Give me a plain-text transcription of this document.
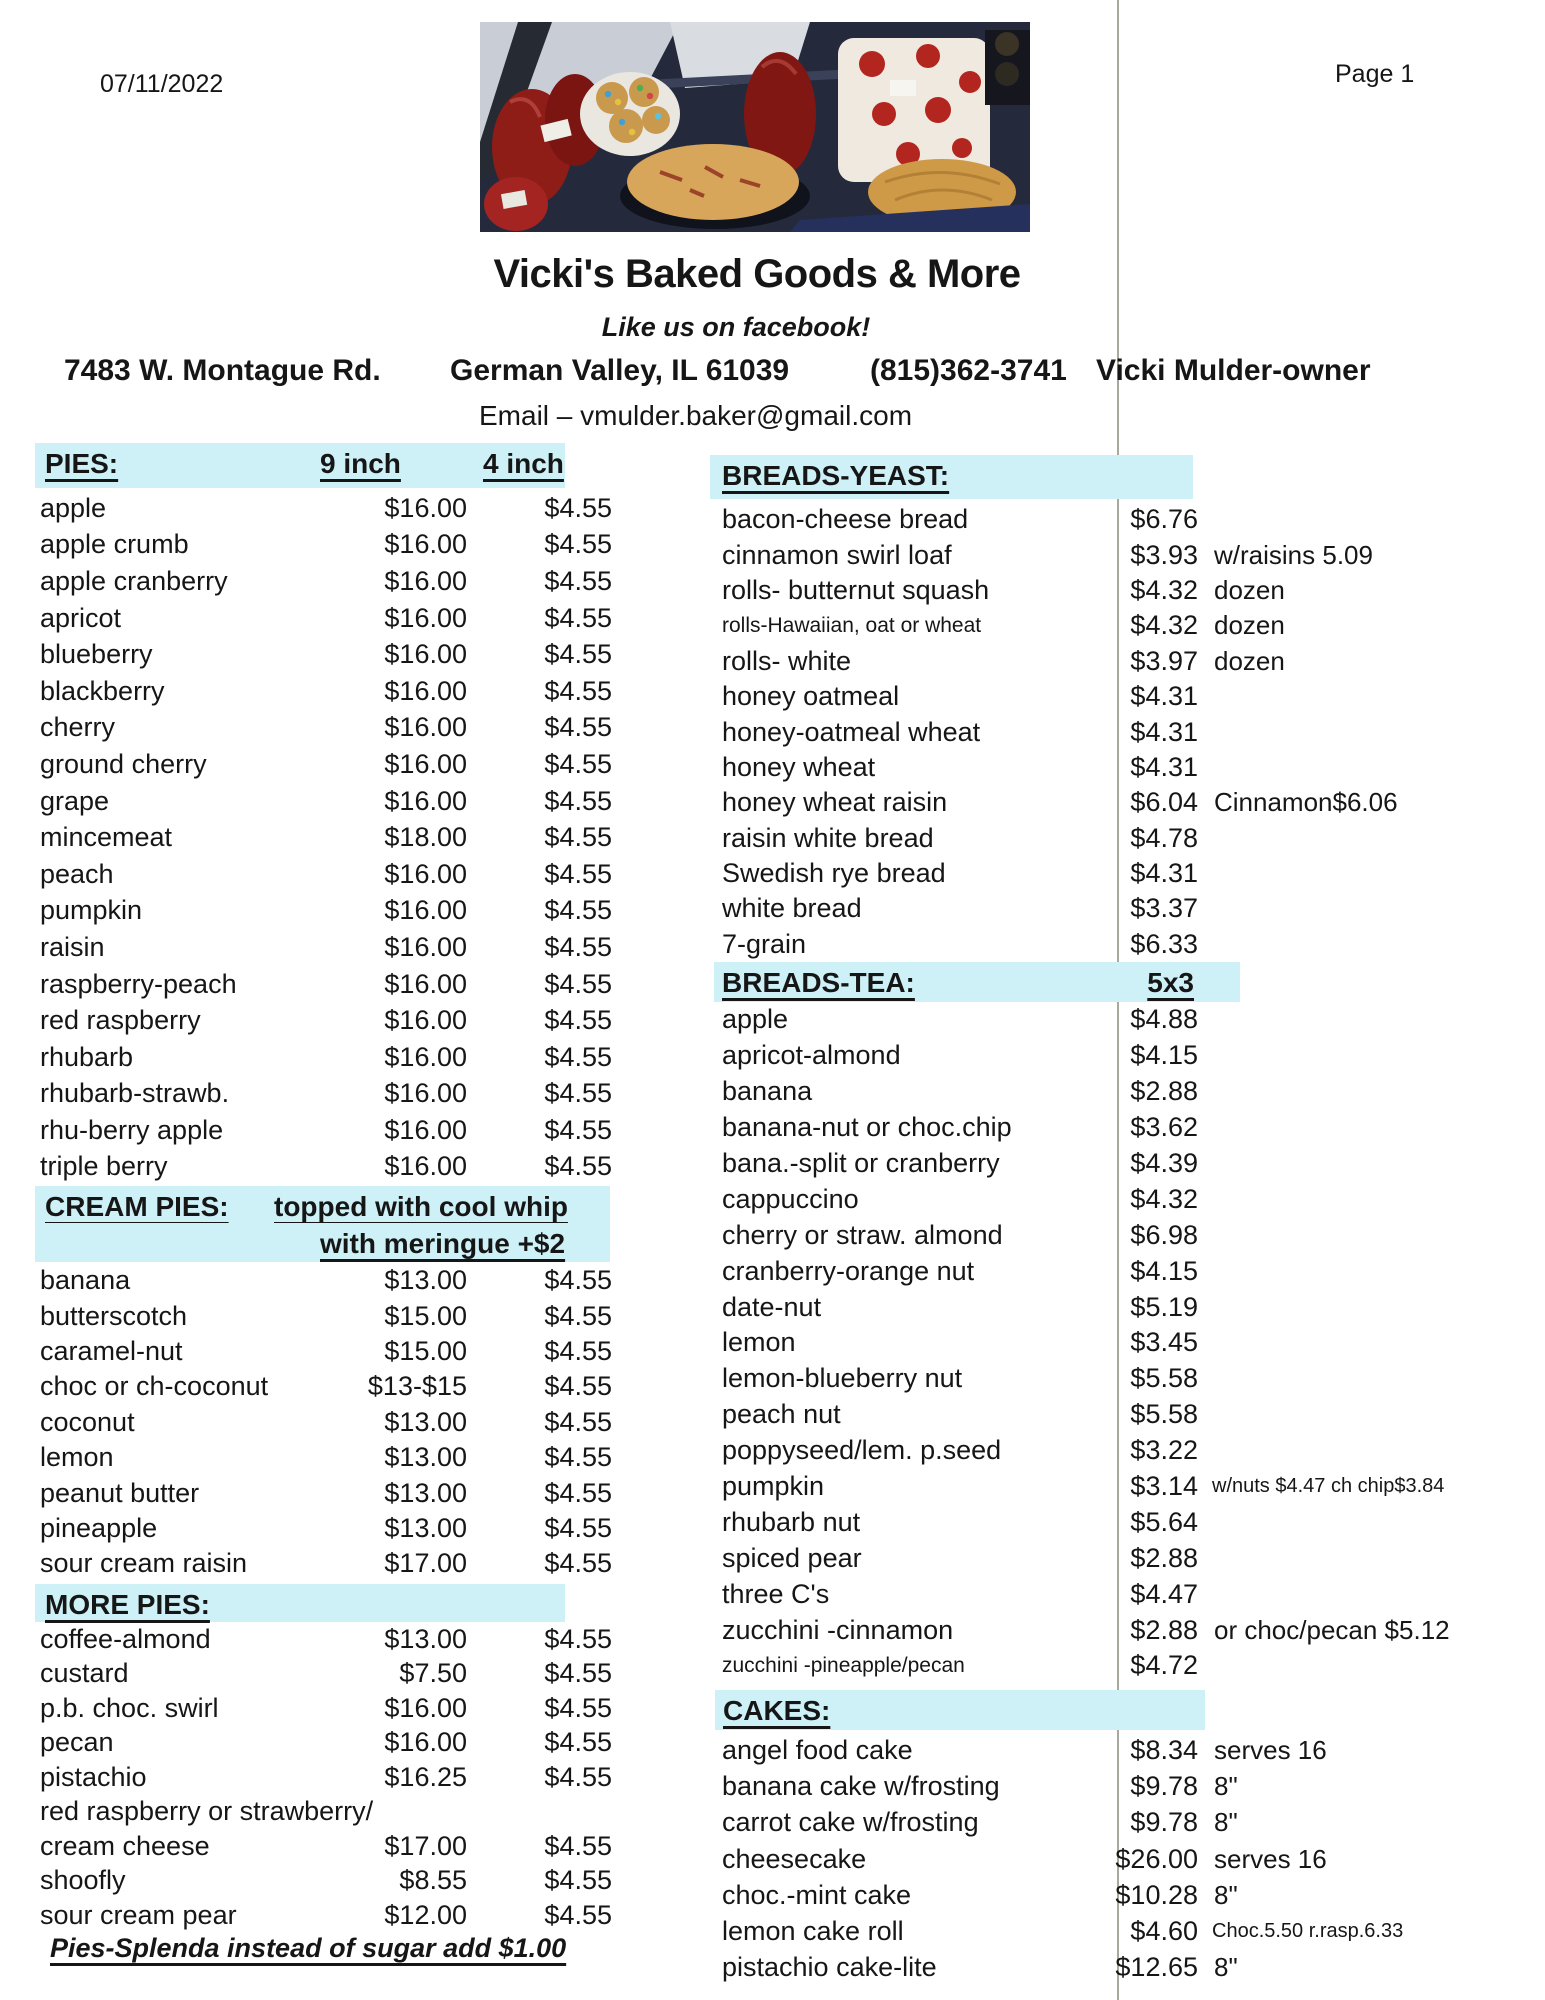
07/11/2022	Page 1
Vicki's Baked Goods & More
Like us on facebook!
7483 W. Montague Rd. German Valley, IL 61039	(815)362-3741 Vicki Mulder-owner
Email – vmulder.baker@gmail.com
PIES:	9 inch	4 inch
apple	$16.00	$4.55
apple crumb	$16.00	$4.55
apple cranberry	$16.00	$4.55
apricot	$16.00	$4.55
blueberry	$16.00	$4.55
blackberry	$16.00	$4.55
cherry	$16.00	$4.55
ground cherry	$16.00	$4.55
grape	$16.00	$4.55
mincemeat	$18.00	$4.55
peach	$16.00	$4.55
pumpkin	$16.00	$4.55
raisin	$16.00	$4.55
raspberry-peach	$16.00	$4.55
red raspberry	$16.00	$4.55
rhubarb	$16.00	$4.55
rhubarb-strawb.	$16.00	$4.55
rhu-berry apple	$16.00	$4.55
triple berry	$16.00	$4.55
CREAM PIES: topped with cool whip
with meringue +$2
banana	$13.00	$4.55
butterscotch	$15.00	$4.55
caramel-nut	$15.00	$4.55
choc or ch-coconut	$13-$15	$4.55
coconut	$13.00	$4.55
lemon	$13.00	$4.55
peanut butter	$13.00	$4.55
pineapple	$13.00	$4.55
sour cream raisin	$17.00	$4.55
MORE PIES:
coffee-almond	$13.00	$4.55
custard	$7.50	$4.55
p.b. choc. swirl	$16.00	$4.55
pecan	$16.00	$4.55
pistachio	$16.25	$4.55
red raspberry or strawberry/
cream cheese	$17.00	$4.55
shoofly	$8.55	$4.55
sour cream pear	$12.00	$4.55
Pies-Splenda instead of sugar add $1.00
BREADS-YEAST:
bacon-cheese bread	$6.76
cinnamon swirl loaf	$3.93 w/raisins 5.09
rolls- butternut squash	$4.32 dozen
rolls-Hawaiian, oat or wheat	$4.32 dozen
rolls- white	$3.97 dozen
honey oatmeal	$4.31
honey-oatmeal wheat	$4.31
honey wheat	$4.31
honey wheat raisin	$6.04 Cinnamon$6.06
raisin white bread	$4.78
Swedish rye bread	$4.31
white bread	$3.37
7-grain	$6.33
BREADS-TEA:	5x3
apple	$4.88
apricot-almond	$4.15
banana	$2.88
banana-nut or choc.chip	$3.62
bana.-split or cranberry	$4.39
cappuccino	$4.32
cherry or straw. almond	$6.98
cranberry-orange nut	$4.15
date-nut	$5.19
lemon	$3.45
lemon-blueberry nut	$5.58
peach nut	$5.58
poppyseed/lem. p.seed	$3.22
pumpkin	$3.14 w/nuts $4.47 ch chip$3.84
rhubarb nut	$5.64
spiced pear	$2.88
three C's	$4.47
zucchini -cinnamon	$2.88 or choc/pecan $5.12
zucchini -pineapple/pecan	$4.72
CAKES:
angel food cake	$8.34 serves 16
banana cake w/frosting	$9.78 8"
carrot cake w/frosting	$9.78 8"
cheesecake	$26.00 serves 16
choc.-mint cake	$10.28 8"
lemon cake roll	$4.60 Choc.5.50 r.rasp.6.33
pistachio cake-lite	$12.65 8"
